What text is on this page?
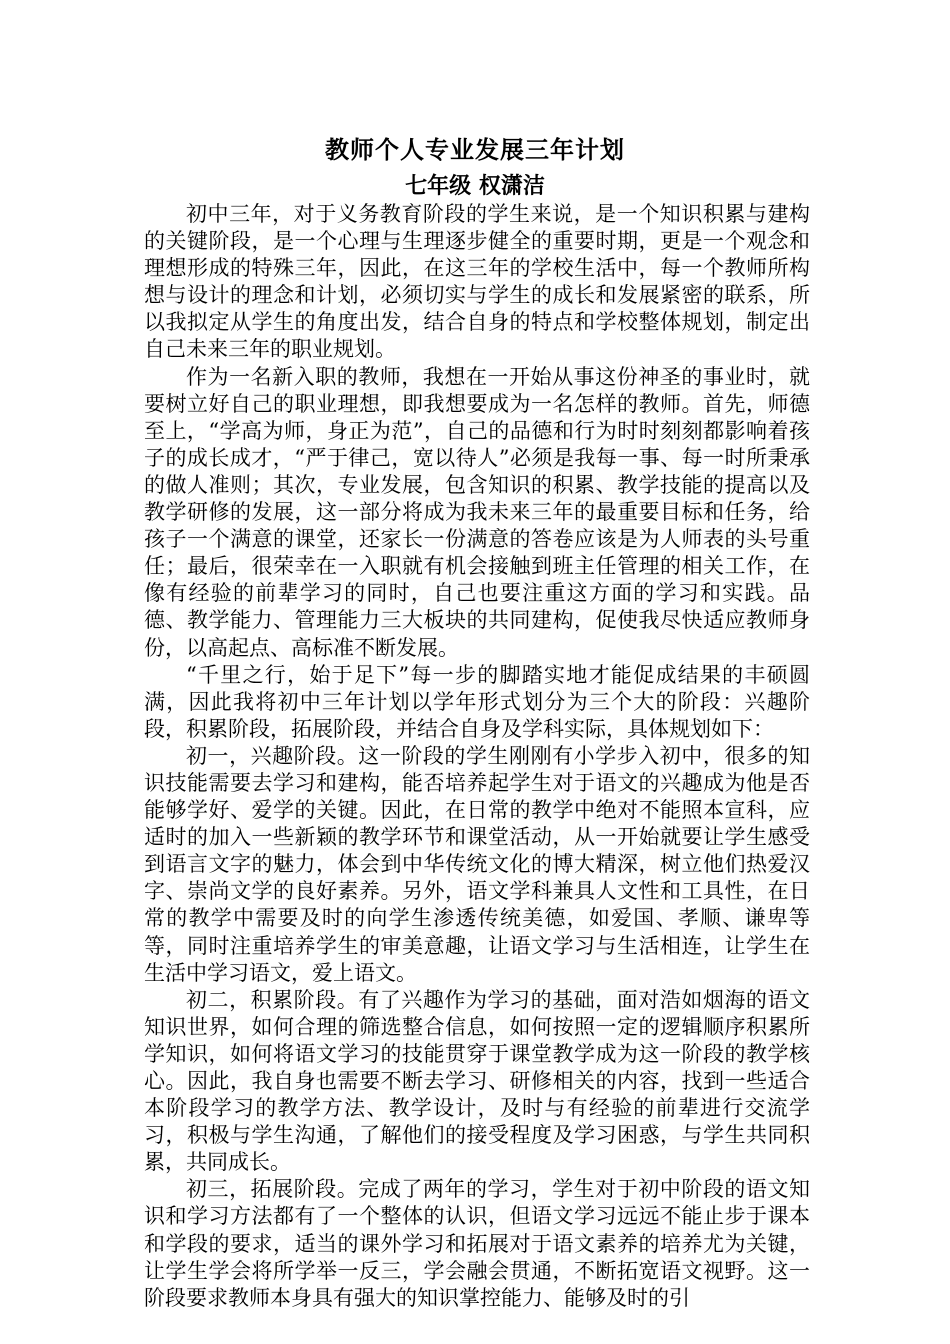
教师个人专业发展三年计划
七年级 权潇洁

初中三年，对于义务教育阶段的学生来说，是一个知识积累与建构的关键阶段，是一个心理与生理逐步健全的重要时期，更是一个观念和理想形成的特殊三年，因此，在这三年的学校生活中，每一个教师所构想与设计的理念和计划，必须切实与学生的成长和发展紧密的联系，所以我拟定从学生的角度出发，结合自身的特点和学校整体规划，制定出自己未来三年的职业规划。

作为一名新入职的教师，我想在一开始从事这份神圣的事业时，就要树立好自己的职业理想，即我想要成为一名怎样的教师。首先，师德至上，“学高为师，身正为范”，自己的品德和行为时时刻刻都影响着孩子的成长成才，“严于律己，宽以待人”必须是我每一事、每一时所秉承的做人准则；其次，专业发展，包含知识的积累、教学技能的提高以及教学研修的发展，这一部分将成为我未来三年的最重要目标和任务，给孩子一个满意的课堂，还家长一份满意的答卷应该是为人师表的头号重任；最后，很荣幸在一入职就有机会接触到班主任管理的相关工作，在像有经验的前辈学习的同时，自己也要注重这方面的学习和实践。品德、教学能力、管理能力三大板块的共同建构，促使我尽快适应教师身份，以高起点、高标准不断发展。

“千里之行，始于足下”每一步的脚踏实地才能促成结果的丰硕圆满，因此我将初中三年计划以学年形式划分为三个大的阶段：兴趣阶段，积累阶段，拓展阶段，并结合自身及学科实际，具体规划如下：

初一，兴趣阶段。这一阶段的学生刚刚有小学步入初中，很多的知识技能需要去学习和建构，能否培养起学生对于语文的兴趣成为他是否能够学好、爱学的关键。因此，在日常的教学中绝对不能照本宣科，应适时的加入一些新颖的教学环节和课堂活动，从一开始就要让学生感受到语言文字的魅力，体会到中华传统文化的博大精深，树立他们热爱汉字、崇尚文学的良好素养。另外，语文学科兼具人文性和工具性，在日常的教学中需要及时的向学生渗透传统美德，如爱国、孝顺、谦卑等等，同时注重培养学生的审美意趣，让语文学习与生活相连，让学生在生活中学习语文，爱上语文。

初二，积累阶段。有了兴趣作为学习的基础，面对浩如烟海的语文知识世界，如何合理的筛选整合信息，如何按照一定的逻辑顺序积累所学知识，如何将语文学习的技能贯穿于课堂教学成为这一阶段的教学核心。因此，我自身也需要不断去学习、研修相关的内容，找到一些适合本阶段学习的教学方法、教学设计，及时与有经验的前辈进行交流学习，积极与学生沟通，了解他们的接受程度及学习困惑，与学生共同积累，共同成长。

初三，拓展阶段。完成了两年的学习，学生对于初中阶段的语文知识和学习方法都有了一个整体的认识，但语文学习远远不能止步于课本和学段的要求，适当的课外学习和拓展对于语文素养的培养尤为关键，让学生学会将所学举一反三，学会融会贯通，不断拓宽语文视野。这一阶段要求教师本身具有强大的知识掌控能力、能够及时的引
